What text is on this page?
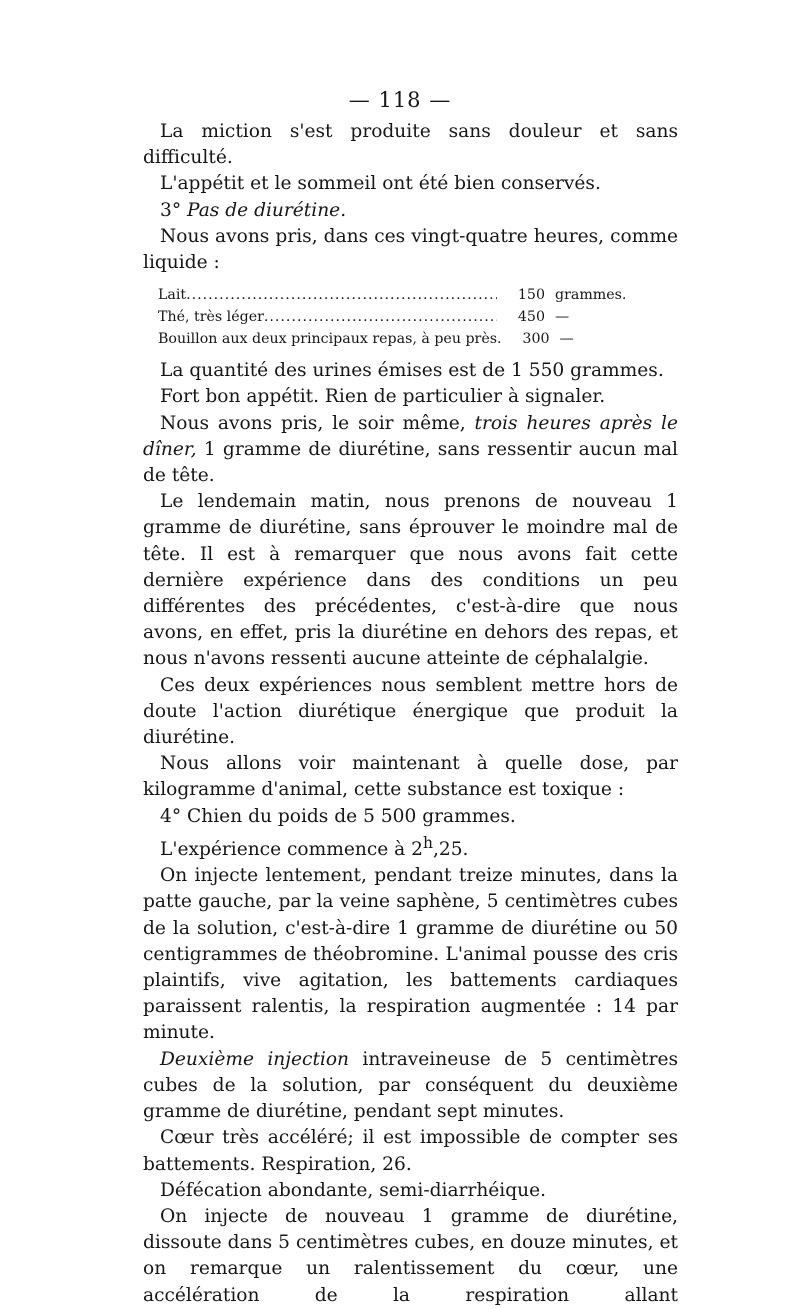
— 118 —

La miction s'est produite sans douleur et sans difficulté.

L'appétit et le sommeil ont été bien conservés.

3° Pas de diurétine.

Nous avons pris, dans ces vingt-quatre heures, comme liquide :

Lait .....	150 grammes.
Thé, très léger .....	450 —
Bouillon aux deux principaux repas, à peu près.	300 —

La quantité des urines émises est de 1 550 grammes.

Fort bon appétit. Rien de particulier à signaler.

Nous avons pris, le soir même, trois heures après le dîner, 1 gramme de diurétine, sans ressentir aucun mal de tête.

Le lendemain matin, nous prenons de nouveau 1 gramme de diurétine, sans éprouver le moindre mal de tête. Il est à remarquer que nous avons fait cette dernière expérience dans des conditions un peu différentes des précédentes, c'est-à-dire que nous avons, en effet, pris la diurétine en dehors des repas, et nous n'avons ressenti aucune atteinte de céphalalgie.

Ces deux expériences nous semblent mettre hors de doute l'action diurétique énergique que produit la diurétine.

Nous allons voir maintenant à quelle dose, par kilogramme d'animal, cette substance est toxique :

4° Chien du poids de 5 500 grammes.

L'expérience commence à 2$^h$,25.

On injecte lentement, pendant treize minutes, dans la patte gauche, par la veine saphène, 5 centimètres cubes de la solution, c'est-à-dire 1 gramme de diurétine ou 50 centigrammes de théobromine. L'animal pousse des cris plaintifs, vive agitation, les battements cardiaques paraissent ralentis, la respiration augmentée : 14 par minute.

Deuxième injection intraveineuse de 5 centimètres cubes de la solution, par conséquent du deuxième gramme de diurétine, pendant sept minutes.

Cœur très accéléré; il est impossible de compter ses battements. Respiration, 26.

Défécation abondante, semi-diarrhéique.

On injecte de nouveau 1 gramme de diurétine, dissoute dans 5 centimètres cubes, en douze minutes, et on remarque un ralentissement du cœur, une accélération de la respiration allant
